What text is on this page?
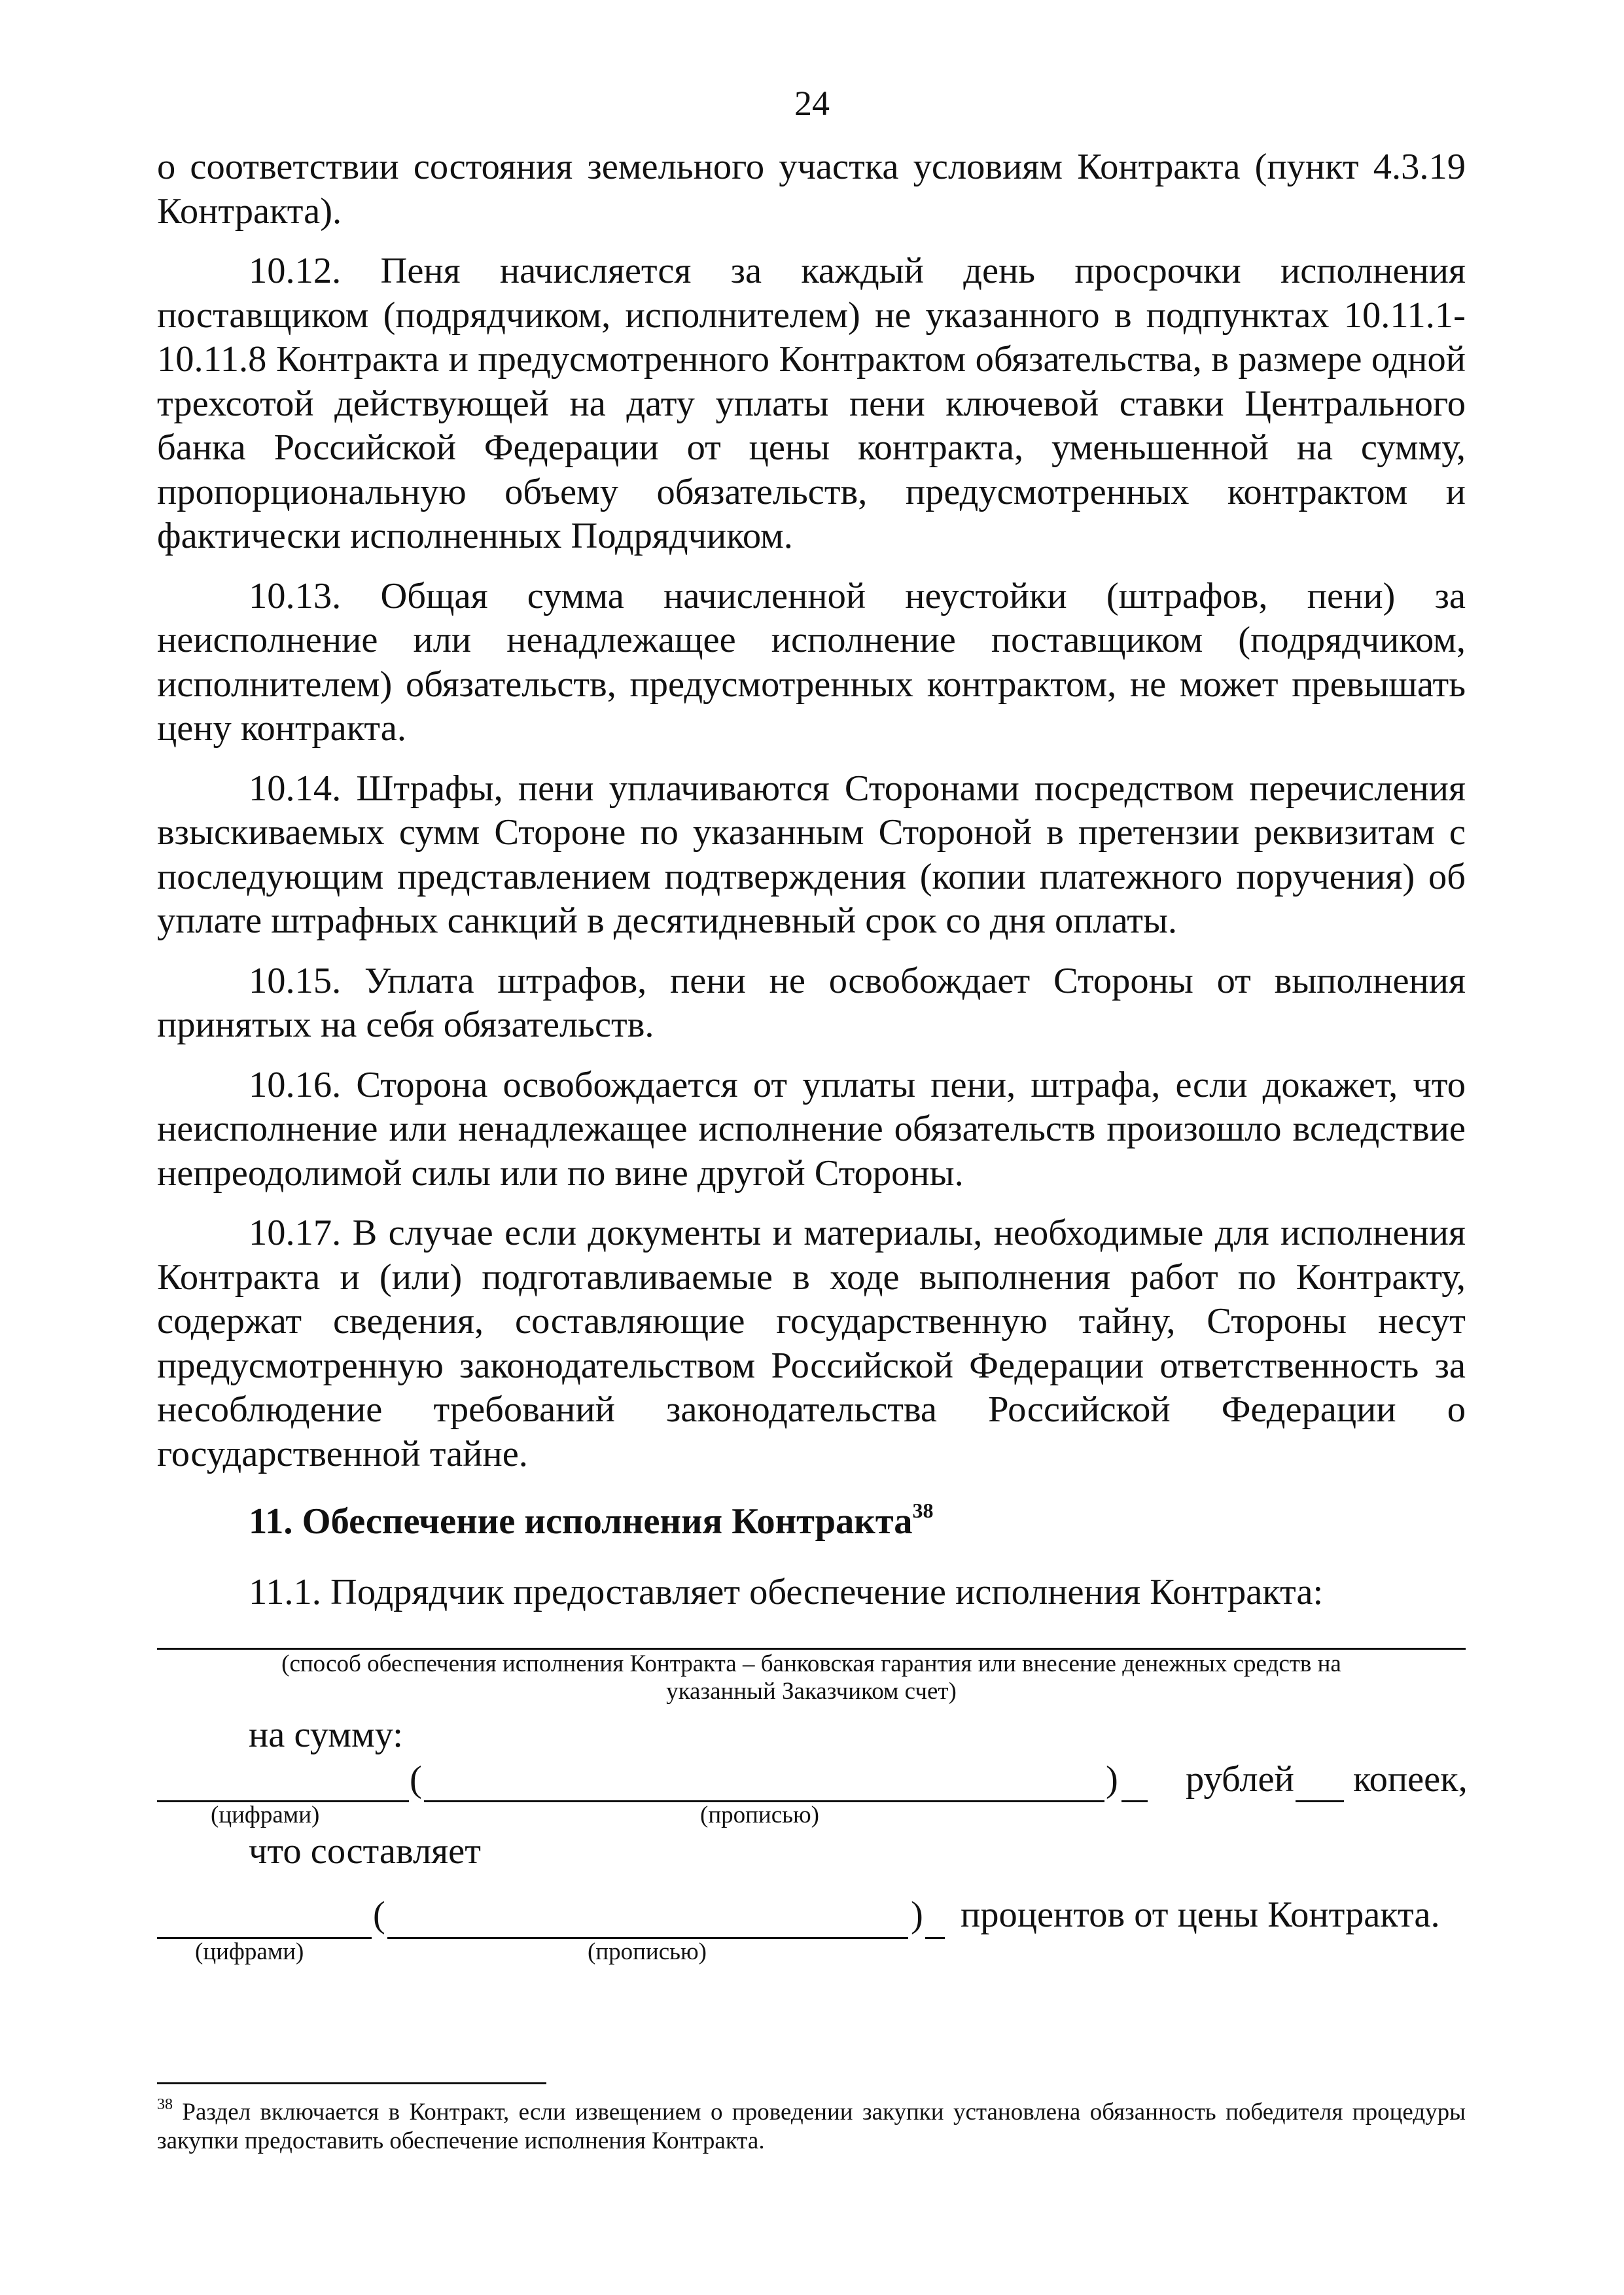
24

о соответствии состояния земельного участка условиям Контракта (пункт 4.3.19 Контракта).

10.12. Пеня начисляется за каждый день просрочки исполнения поставщиком (подрядчиком, исполнителем) не указанного в подпунктах 10.11.1-10.11.8 Контракта и предусмотренного Контрактом обязательства, в размере одной трехсотой действующей на дату уплаты пени ключевой ставки Центрального банка Российской Федерации от цены контракта, уменьшенной на сумму, пропорциональную объему обязательств, предусмотренных контрактом и фактически исполненных Подрядчиком.

10.13. Общая сумма начисленной неустойки (штрафов, пени) за неисполнение или ненадлежащее исполнение поставщиком (подрядчиком, исполнителем) обязательств, предусмотренных контрактом, не может превышать цену контракта.

10.14. Штрафы, пени уплачиваются Сторонами посредством перечисления взыскиваемых сумм Стороне по указанным Стороной в претензии реквизитам с последующим представлением подтверждения (копии платежного поручения) об уплате штрафных санкций в десятидневный срок со дня оплаты.

10.15. Уплата штрафов, пени не освобождает Стороны от выполнения принятых на себя обязательств.

10.16. Сторона освобождается от уплаты пени, штрафа, если докажет, что неисполнение или ненадлежащее исполнение обязательств произошло вследствие непреодолимой силы или по вине другой Стороны.

10.17. В случае если документы и материалы, необходимые для исполнения Контракта и (или) подготавливаемые в ходе выполнения работ по Контракту, содержат сведения, составляющие государственную тайну, Стороны несут предусмотренную законодательством Российской Федерации ответственность за несоблюдение требований законодательства Российской Федерации о государственной тайне.

11. Обеспечение исполнения Контракта$^{38}$
11.1. Подрядчик предоставляет обеспечение исполнения Контракта:
(способ обеспечения исполнения Контракта – банковская гарантия или внесение денежных средств на
указанный Заказчиком счет)
на сумму:
(	) рублей копеек,
(цифрами)	(прописью)
что составляет
(	) процентов от цены Контракта.
(цифрами)	(прописью)
$^{38}$ Раздел включается в Контракт, если извещением о проведении закупки установлена обязанность победителя процедуры закупки предоставить обеспечение исполнения Контракта.
